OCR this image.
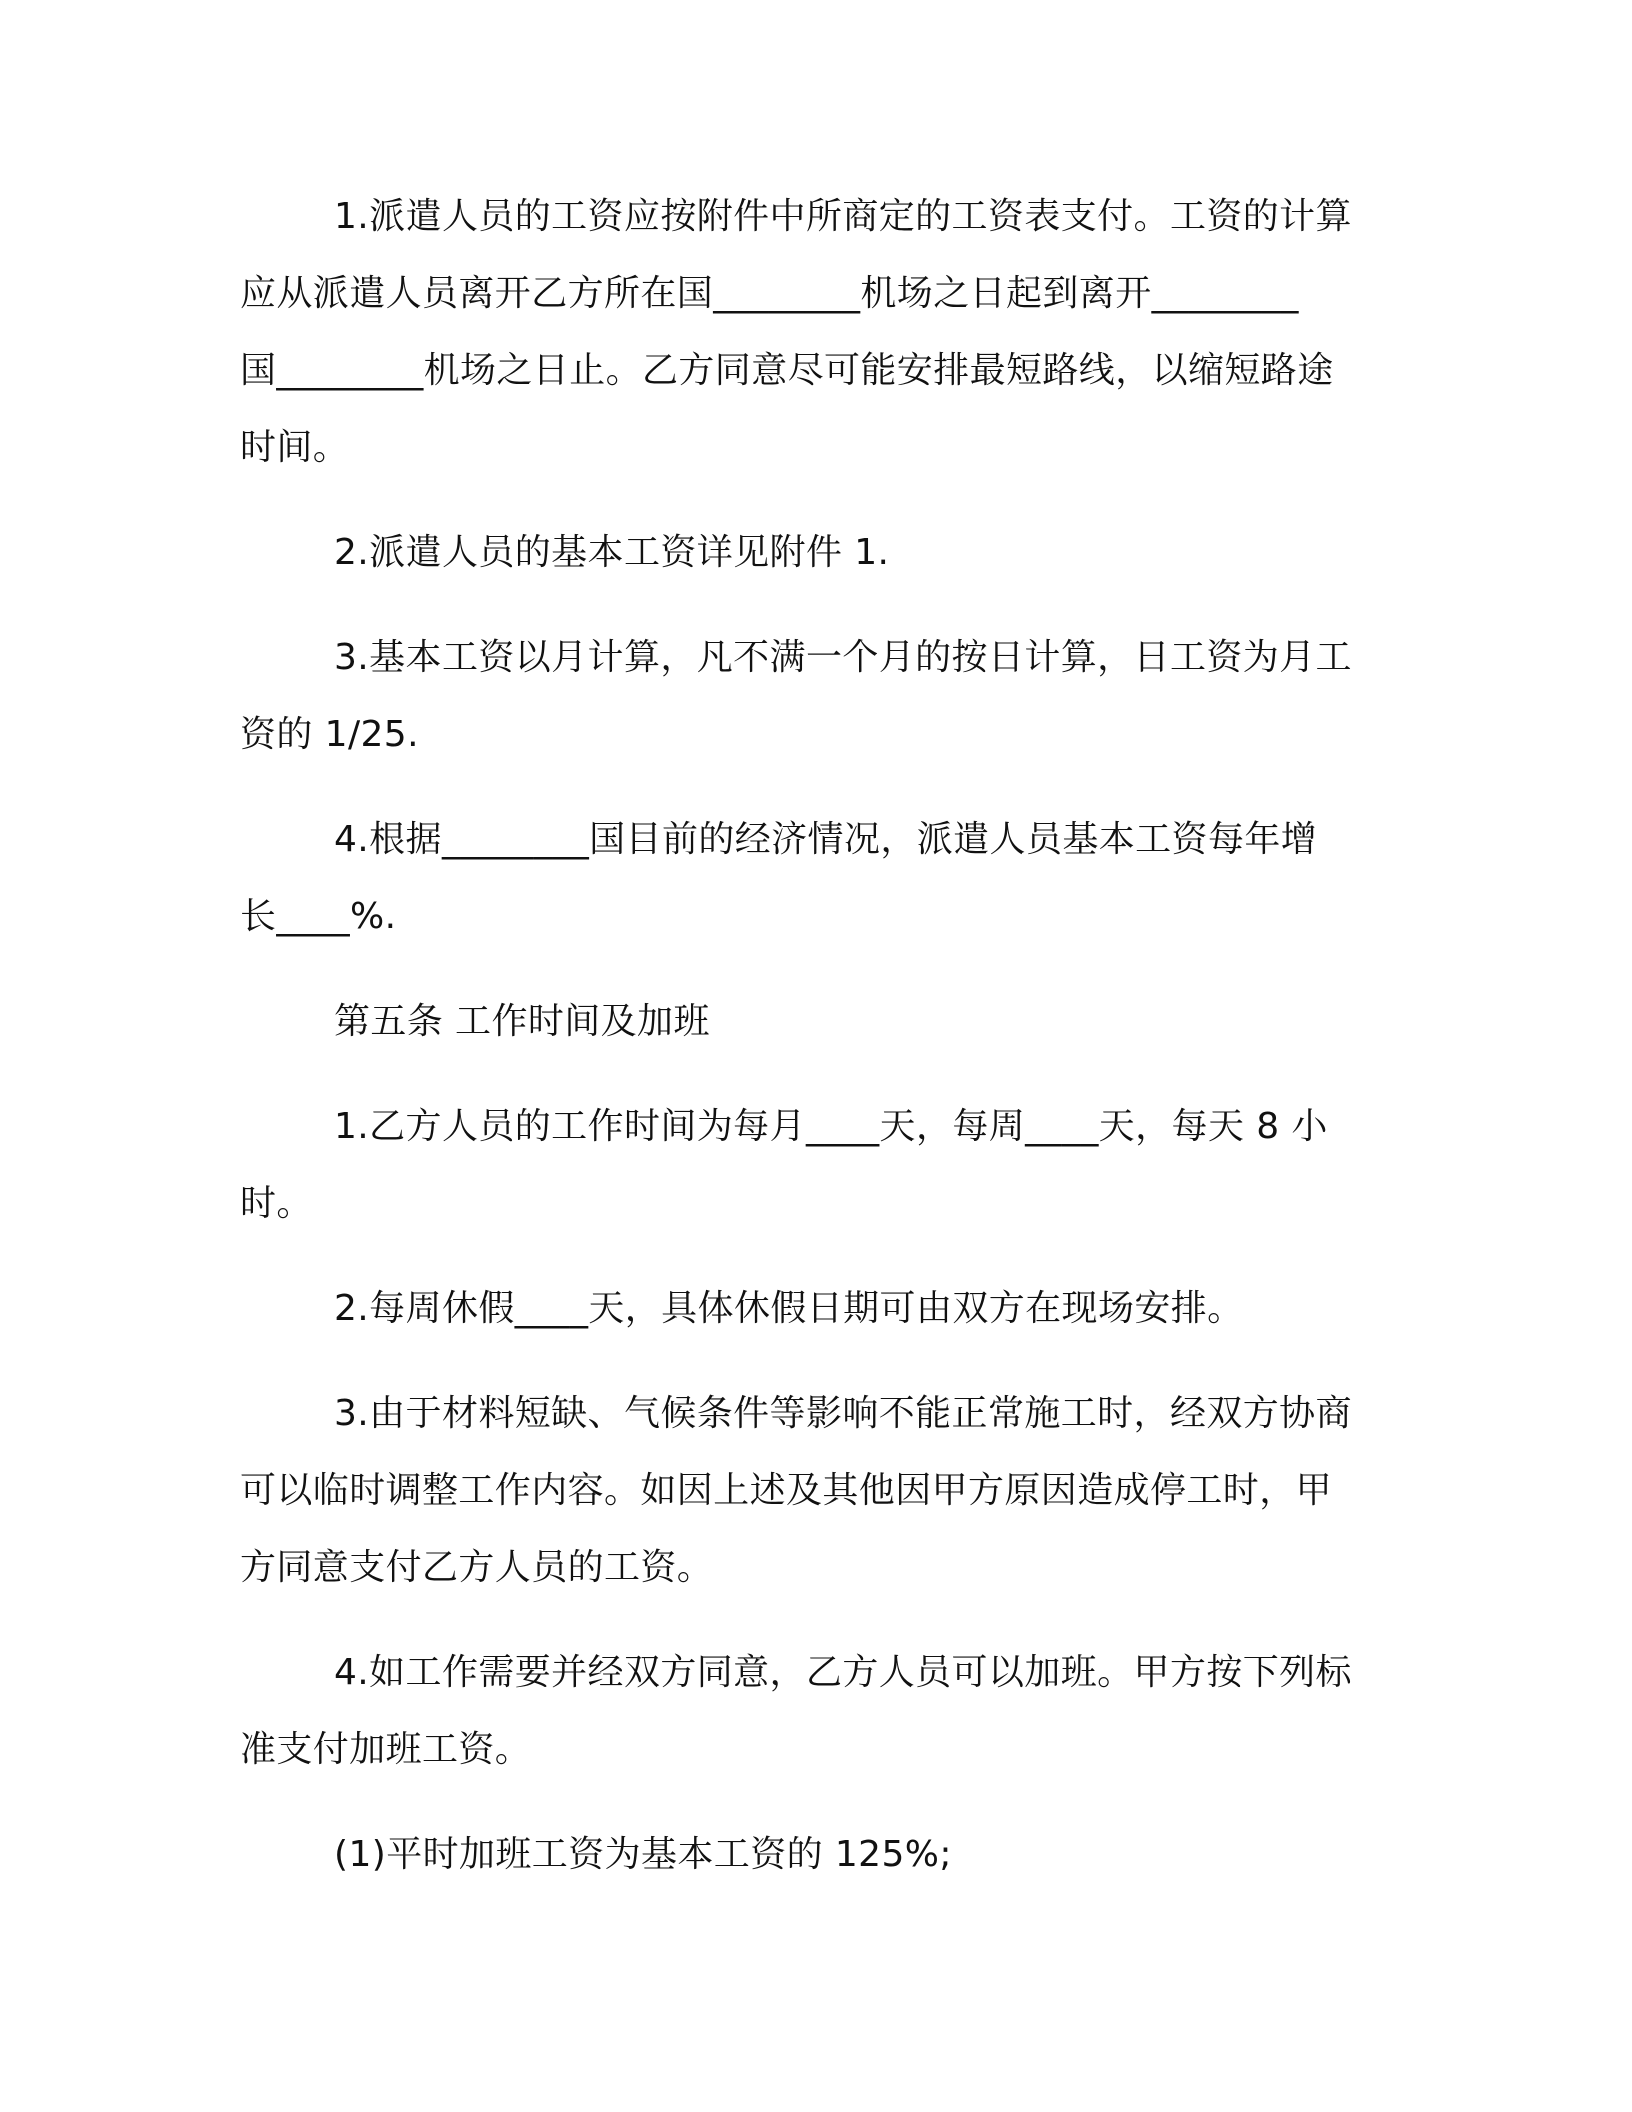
1.派遣人员的工资应按附件中所商定的工资表支付。工资的计算
应从派遣人员离开乙方所在国________机场之日起到离开________
国________机场之日止。乙方同意尽可能安排最短路线，以缩短路途
时间。

2.派遣人员的基本工资详见附件 1.

3.基本工资以月计算，凡不满一个月的按日计算，日工资为月工
资的 1/25.

4.根据________国目前的经济情况，派遣人员基本工资每年增
长____%.

第五条 工作时间及加班

1.乙方人员的工作时间为每月____天，每周____天，每天 8 小
时。

2.每周休假____天，具体休假日期可由双方在现场安排。

3.由于材料短缺、气候条件等影响不能正常施工时，经双方协商
可以临时调整工作内容。如因上述及其他因甲方原因造成停工时，甲
方同意支付乙方人员的工资。

4.如工作需要并经双方同意，乙方人员可以加班。甲方按下列标
准支付加班工资。

(1)平时加班工资为基本工资的 125%;
